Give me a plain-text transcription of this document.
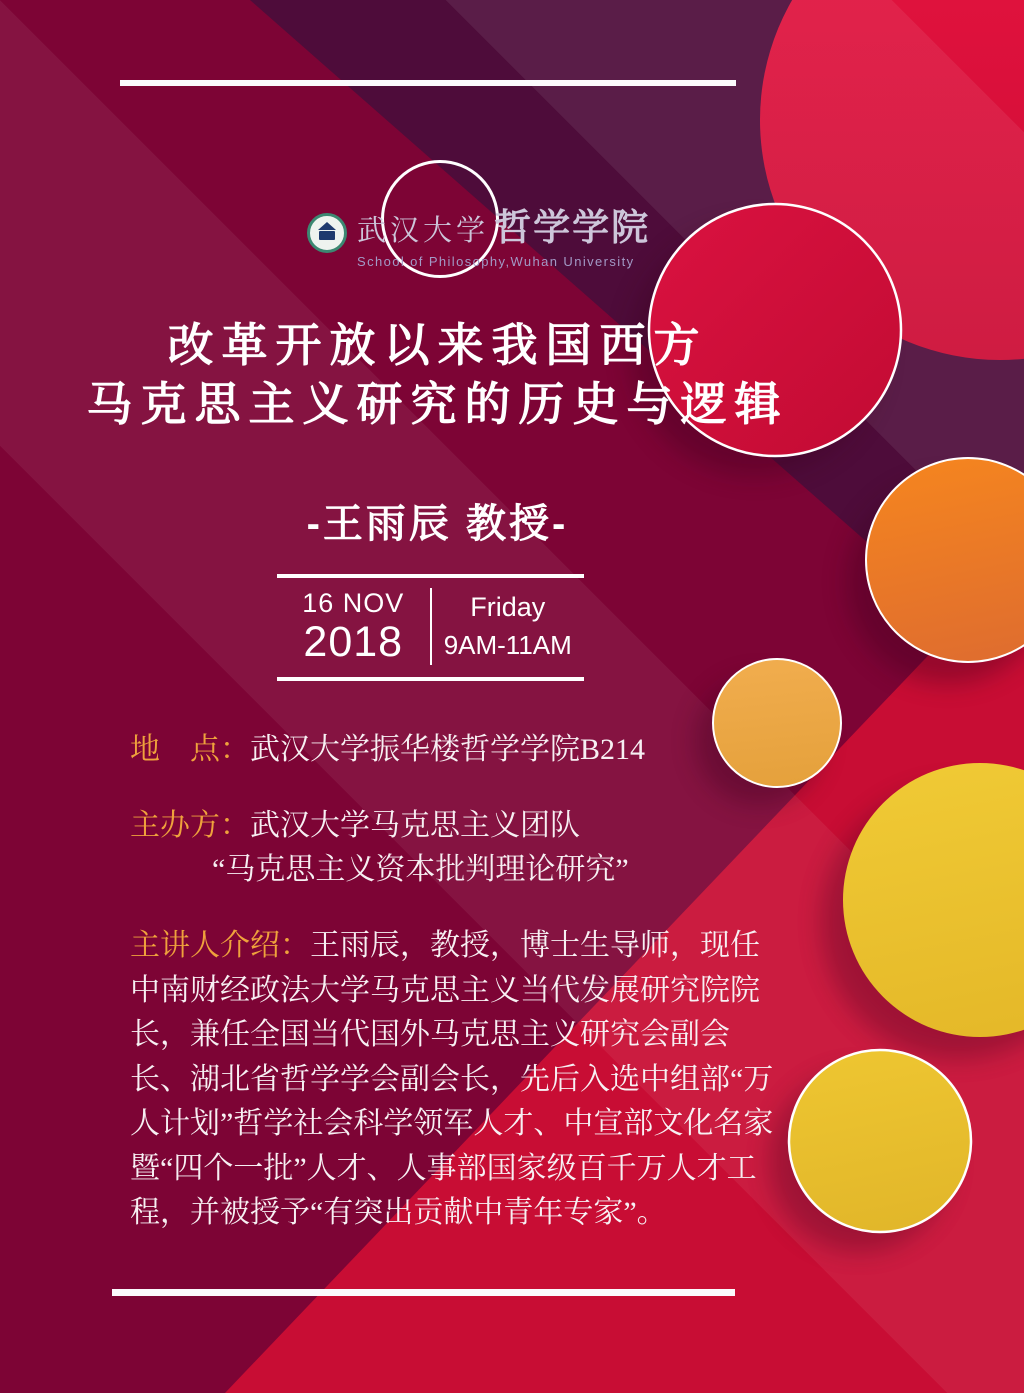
武汉大学 哲学学院
School of Philosophy,Wuhan University
改革开放以来我国西方
马克思主义研究的历史与逻辑
-王雨辰 教授-
16 NOV
2018
Friday
9AM-11AM
地　点：武汉大学振华楼哲学学院B214
主办方：武汉大学马克思主义团队
“马克思主义资本批判理论研究”
主讲人介绍：王雨辰，教授，博士生导师，现任中南财经政法大学马克思主义当代发展研究院院长，兼任全国当代国外马克思主义研究会副会长、湖北省哲学学会副会长，先后入选中组部“万人计划”哲学社会科学领军人才、中宣部文化名家暨“四个一批”人才、人事部国家级百千万人才工程，并被授予“有突出贡献中青年专家”。
